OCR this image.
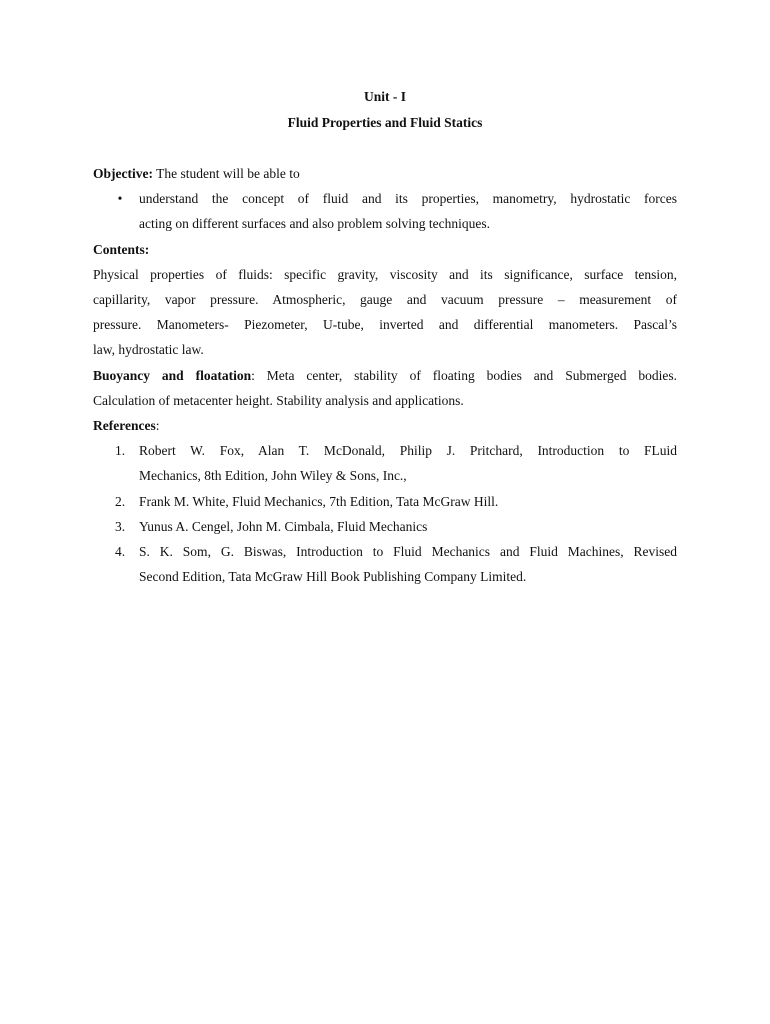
Unit - I
Fluid Properties and Fluid Statics
Objective: The student will be able to
•	understand the concept of fluid and its properties, manometry, hydrostatic forces
acting on different surfaces and also problem solving techniques.
Contents:
Physical properties of fluids: specific gravity, viscosity and its significance, surface tension,
capillarity, vapor pressure. Atmospheric, gauge and vacuum pressure – measurement of
pressure. Manometers- Piezometer, U-tube, inverted and differential manometers. Pascal’s
law, hydrostatic law.
Buoyancy and floatation: Meta center, stability of floating bodies and Submerged bodies.
Calculation of metacenter height. Stability analysis and applications.
References:
1. Robert W. Fox, Alan T. McDonald, Philip J. Pritchard, Introduction to FLuid
Mechanics, 8th Edition, John Wiley & Sons, Inc.,
2. Frank M. White, Fluid Mechanics, 7th Edition, Tata McGraw Hill.
3. Yunus A. Cengel, John M. Cimbala, Fluid Mechanics
4. S. K. Som, G. Biswas, Introduction to Fluid Mechanics and Fluid Machines, Revised
Second Edition, Tata McGraw Hill Book Publishing Company Limited.
